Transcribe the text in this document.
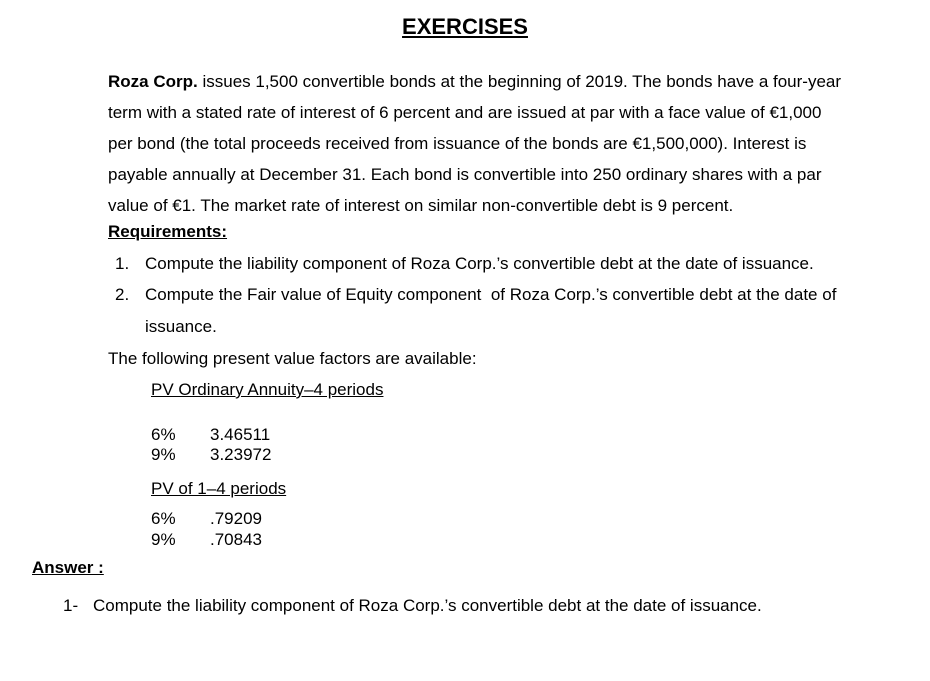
EXERCISES
Roza Corp. issues 1,500 convertible bonds at the beginning of 2019. The bonds have a four-year
term with a stated rate of interest of 6 percent and are issued at par with a face value of €1,000
per bond (the total proceeds received from issuance of the bonds are €1,500,000). Interest is
payable annually at December 31. Each bond is convertible into 250 ordinary shares with a par
value of €1. The market rate of interest on similar non-convertible debt is 9 percent.
Requirements:
1. Compute the liability component of Roza Corp.’s convertible debt at the date of issuance.
2. Compute the Fair value of Equity component  of Roza Corp.’s convertible debt at the date of
issuance.
The following present value factors are available:
PV Ordinary Annuity–4 periods
6% 3.46511
9% 3.23972
PV of 1–4 periods
6% .79209
9% .70843
Answer :
1- Compute the liability component of Roza Corp.’s convertible debt at the date of issuance.
